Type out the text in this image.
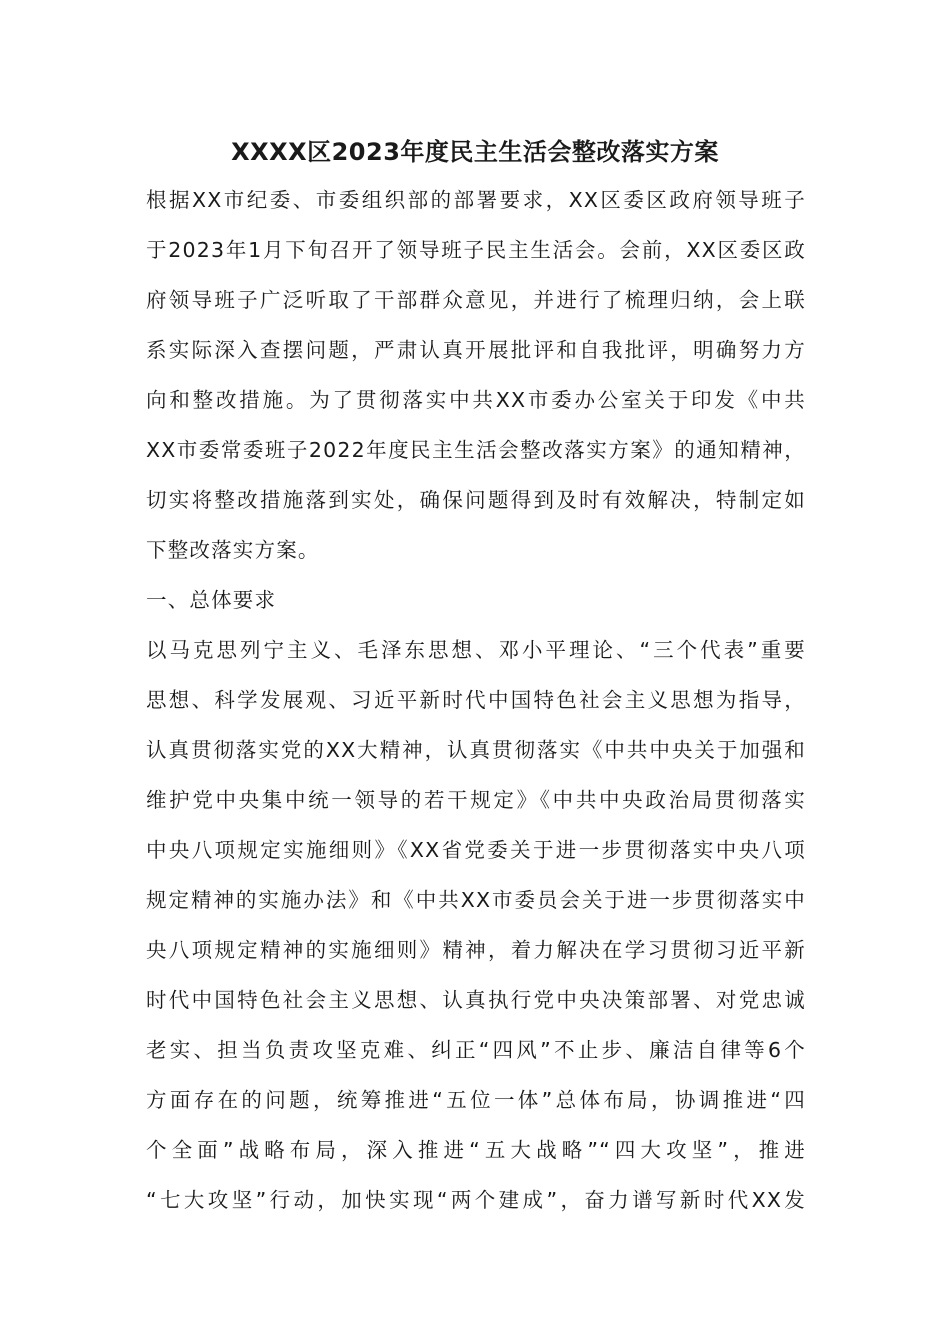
XXXX区2023年度民主生活会整改落实方案
根据XX市纪委、市委组织部的部署要求，XX区委区政府领导班子
于2023年1月下旬召开了领导班子民主生活会。会前，XX区委区政
府领导班子广泛听取了干部群众意见，并进行了梳理归纳，会上联
系实际深入查摆问题，严肃认真开展批评和自我批评，明确努力方
向和整改措施。为了贯彻落实中共XX市委办公室关于印发《中共
XX市委常委班子2022年度民主生活会整改落实方案》的通知精神，
切实将整改措施落到实处，确保问题得到及时有效解决，特制定如
下整改落实方案。
一、总体要求
以马克思列宁主义、毛泽东思想、邓小平理论、“三个代表”重要
思想、科学发展观、习近平新时代中国特色社会主义思想为指导，
认真贯彻落实党的XX大精神，认真贯彻落实《中共中央关于加强和
维护党中央集中统一领导的若干规定》《中共中央政治局贯彻落实
中央八项规定实施细则》《XX省党委关于进一步贯彻落实中央八项
规定精神的实施办法》和《中共XX市委员会关于进一步贯彻落实中
央八项规定精神的实施细则》精神，着力解决在学习贯彻习近平新
时代中国特色社会主义思想、认真执行党中央决策部署、对党忠诚
老实、担当负责攻坚克难、纠正“四风”不止步、廉洁自律等6个
方面存在的问题，统筹推进“五位一体”总体布局，协调推进“四
个全面”战略布局，深入推进“五大战略”“四大攻坚”，推进
“七大攻坚”行动，加快实现“两个建成”，奋力谱写新时代XX发
